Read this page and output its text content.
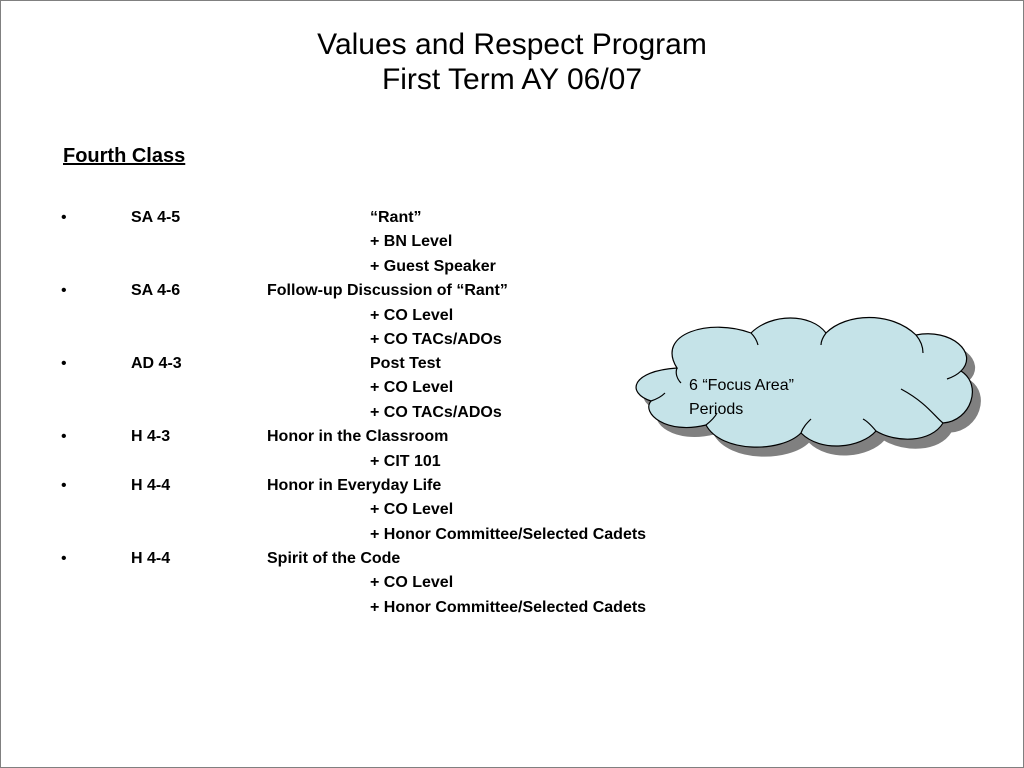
Values and Respect Program
First Term AY 06/07
Fourth Class
•	SA 4-5	“Rant”
+ BN Level
+ Guest Speaker
•	SA 4-6	Follow-up Discussion of “Rant”
+ CO Level
+ CO TACs/ADOs
•	AD 4-3	Post Test
+ CO Level
+ CO TACs/ADOs
•	H 4-3	Honor in the Classroom
+ CIT 101
•	H 4-4	Honor in Everyday Life
+ CO Level
+ Honor Committee/Selected Cadets
•	H 4-4	Spirit of the Code
+ CO Level
+ Honor Committee/Selected Cadets
6 “Focus Area”
Periods
